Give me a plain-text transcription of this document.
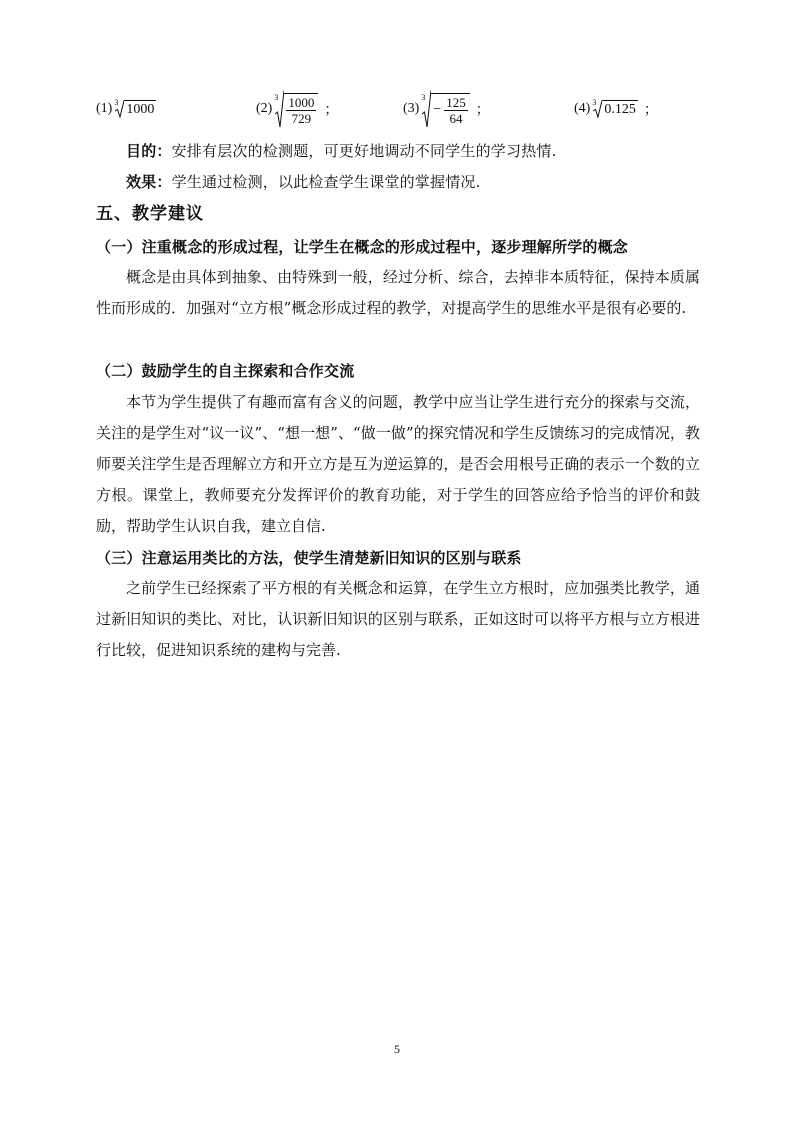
(1) 3 1000	(2)
$3 \frac{1000}{729}$ ；	(3)
3
− $\frac{125}{64}$ ；	(4) 3 0.125 ；
目的：安排有层次的检测题，可更好地调动不同学生的学习热情.
效果：学生通过检测，以此检查学生课堂的掌握情况.
五、教学建议
（一）注重概念的形成过程，让学生在概念的形成过程中，逐步理解所学的概念
概念是由具体到抽象、由特殊到一般，经过分析、综合，去掉非本质特征，保持本质属性而形成的．加强对“立方根”概念形成过程的教学，对提高学生的思维水平是很有必要的.
（二）鼓励学生的自主探索和合作交流
本节为学生提供了有趣而富有含义的问题，教学中应当让学生进行充分的探索与交流，关注的是学生对“议一议”、“想一想”、“做一做”的探究情况和学生反馈练习的完成情况，教师要关注学生是否理解立方和开立方是互为逆运算的，是否会用根号正确的表示一个数的立方根。课堂上，教师要充分发挥评价的教育功能，对于学生的回答应给予恰当的评价和鼓励，帮助学生认识自我，建立自信.
（三）注意运用类比的方法，使学生清楚新旧知识的区别与联系
之前学生已经探索了平方根的有关概念和运算，在学生立方根时，应加强类比教学，通过新旧知识的类比、对比，认识新旧知识的区别与联系，正如这时可以将平方根与立方根进行比较，促进知识系统的建构与完善.
5
